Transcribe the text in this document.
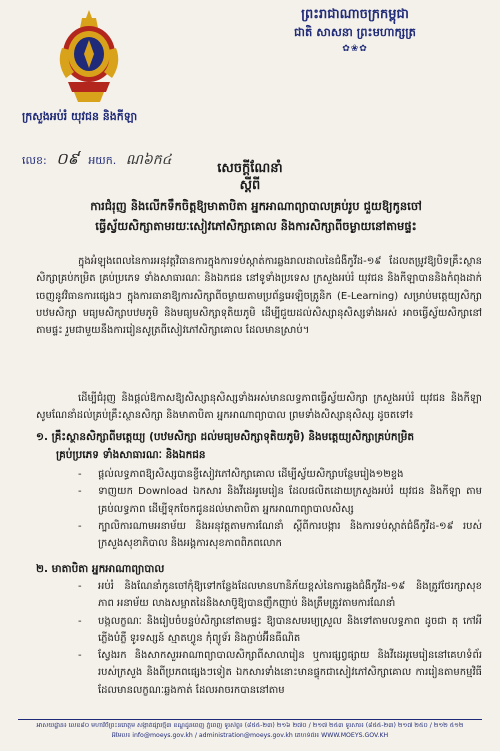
ព្រះរាជាណាចក្រកម្ពុជា
ជាតិ សាសនា ព្រះមហាក្សត្រ
✿❀✿
ក្រសួងអប់រំ យុវជន និងកីឡា
លេខ: ០៩ អយក. ណ៦ក៤
សេចក្តីណែនាំ
ស្តីពី
ការជំរុញ និងលើកទឹកចិត្តឱ្យមាតាបិតា អ្នកអាណាព្យាបាលគ្រប់រូប ជួយឱ្យកូនចៅ
ធ្វើស្វ័យសិក្សាតាមរយៈសៀវភៅសិក្សាគោល និងការសិក្សាពីចម្ងាយនៅតាមផ្ទះ
ក្នុងអំឡុងពេលនៃការអនុវត្តវិធានការក្នុងការទប់ស្កាត់ការឆ្លងរាលដាលនៃជំងឺកូវីដ-១៩ ដែលតម្រូវឱ្យបិទគ្រឹះស្ថានសិក្សាគ្រប់កម្រិត គ្រប់ប្រភេទ ទាំងសាធារណៈ និងឯកជន នៅទូទាំងប្រទេស ក្រសួងអប់រំ យុវជន និងកីឡាបាននិងកំពុងដាក់ចេញនូវវិធានការផ្សេងៗ ក្នុងការធានាឱ្យការសិក្សាពីចម្ងាយតាមប្រព័ន្ធអេឡិចត្រូនិក (E-Learning) សម្រាប់មត្តេយ្យសិក្សា បឋមសិក្សា មធ្យមសិក្សាបឋមភូមិ និងមធ្យមសិក្សាទុតិយភូមិ ដើម្បីជួយដល់សិស្សានុសិស្សទាំងអស់ អាចធ្វើស្វ័យសិក្សានៅតាមផ្ទះ រួមជាមួយនឹងការរៀនសូត្រពីសៀវភៅសិក្សាគោល ដែលមានស្រាប់។
ដើម្បីជំរុញ និងផ្តល់ឱកាសឱ្យសិស្សានុសិស្សទាំងអស់មានលទ្ធភាពធ្វើស្វ័យសិក្សា ក្រសួងអប់រំ យុវជន និងកីឡាសូមណែនាំដល់គ្រប់គ្រឹះស្ថានសិក្សា និងមាតាបិតា អ្នកអាណាព្យាបាល ព្រមទាំងសិស្សានុសិស្ស ដូចតទៅ៖
១. គ្រឹះស្ថានសិក្សាពីមត្តេយ្យ (បឋមសិក្សា ដល់មធ្យមសិក្សាទុតិយភូមិ) និងមត្តេយ្យសិក្សាគ្រប់កម្រិត
គ្រប់ប្រភេទ ទាំងសាធារណៈ និងឯកជន
- ផ្តល់លទ្ធភាពឱ្យសិស្សបានខ្ចីសៀវភៅសិក្សាគោល ដើម្បីស្វ័យសិក្សាបន្ថែមរៀង១២ខ្ទង
- ទាញយក Download ឯកសារ និងវីដេអូមេរៀន ដែលផលិតដោយក្រសួងអប់រំ យុវជន និងកីឡា តាមគ្រប់លទ្ធភាព ដើម្បីទុកចែកជូនដល់មាតាបិតា អ្នកអាណាព្យាបាលសិស្ស
- ក្បាលិការណាមអនាម័យ និងអនុវត្តតាមការណែនាំ ស្តីពីការបង្ការ និងការទប់ស្កាត់ជំងឺកូវីដ-១៩ របស់ក្រសួងសុខាភិបាល និងអង្គការសុខភាពពិភពលោក
២. មាតាបិតា អ្នកអាណាព្យាបាល
- អប់រំ និងណែនាំកូនចៅកុំឱ្យទៅកន្លែងដែលមានហានិភ័យខ្ពស់នៃការឆ្លងជំងឺកូវីដ-១៩ និងត្រូវថែរក្សាសុខភាព អនាម័យ លាងសម្អាតដៃនិងសាប៊ូឱ្យបានញឹកញាប់ និងត្រឹមត្រូវតាមការណែនាំ
- បង្កលក្ខណៈ និងរៀបចំបន្ទប់សិក្សានៅតាមផ្ទះ ឱ្យបានសមរម្យស្រួល និងទៅតាមលទ្ធភាព ដូចជា តុ កៅអី ភ្លើងបំភ្លឺ ទូរទស្សន៍ ស្មាតហ្វូន កុំព្យូទ័រ និងភ្ជាប់អ៊ីនធឺណិត
- ស្វែងរក និងសាកសួរអាណាព្យាបាលសិក្សាពីសាលារៀន ឬការផ្សព្វផ្សាយ និងវីដេអូមេរៀននៅគេហទំព័ររបស់ក្រសួង និងពីប្រភពផ្សេងៗទៀត ឯកសារទាំងនោះមានផ្ទុកជាសៀវភៅសិក្សាគោល ការរៀនតាមកម្មវិធីដែលមានលក្ខណៈឆ្លងកាត់ ដែលអាចរកបាននៅតាម
អាសយដ្ឋាន៖ លេខ៨០ មហាវិថីព្រះនរោត្តម សង្កាត់ផ្សារថ្មី៣ ខណ្ឌដូនពេញ ភ្នំពេញ ទូរស័ព្ទ៖ (៨៥៥-២៣) ២១៦ ២៧០ / ២១៧ ២៥៣ ទូរសារ៖ (៨៥៥-២៣) ២១៧ ២៥០ / ២១២ ៥១២
អ៊ីមែល៖ info@moeys.gov.kh / administration@moeys.gov.kh គេហទំព័រ៖ WWW.MOEYS.GOV.KH
